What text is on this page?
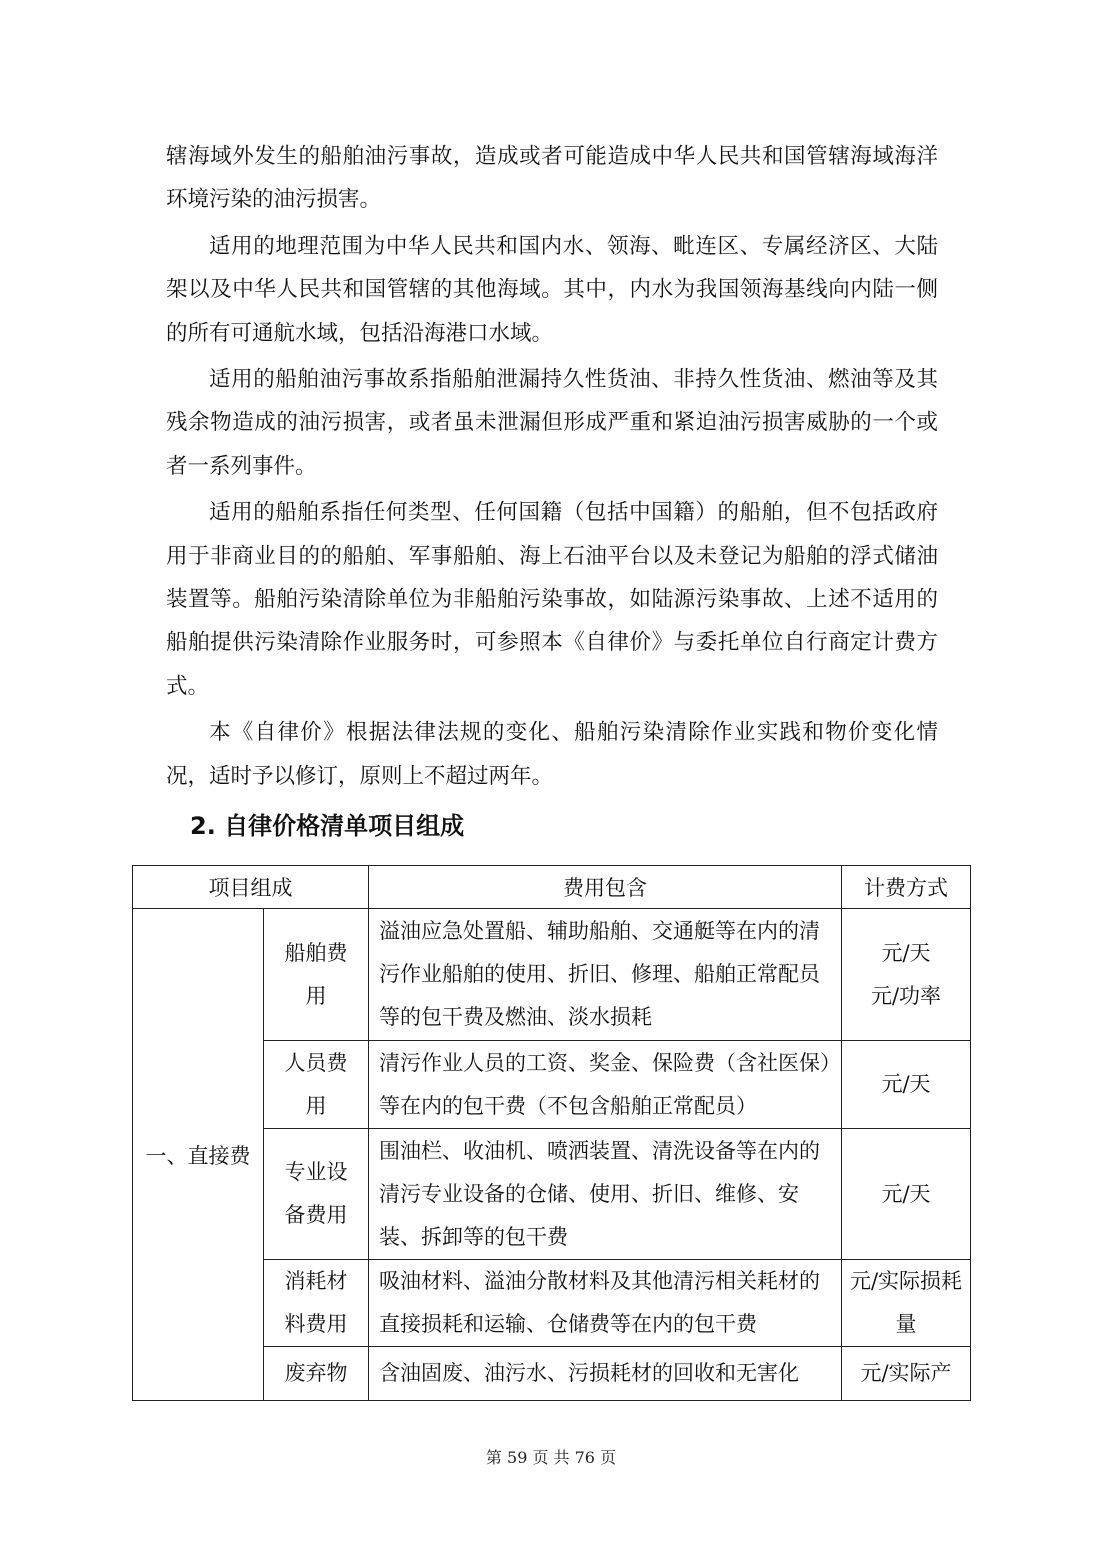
辖海域外发生的船舶油污事故，造成或者可能造成中华人民共和国管辖海域海洋环境污染的油污损害。

适用的地理范围为中华人民共和国内水、领海、毗连区、专属经济区、大陆架以及中华人民共和国管辖的其他海域。其中，内水为我国领海基线向内陆一侧的所有可通航水域，包括沿海港口水域。

适用的船舶油污事故系指船舶泄漏持久性货油、非持久性货油、燃油等及其残余物造成的油污损害，或者虽未泄漏但形成严重和紧迫油污损害威胁的一个或者一系列事件。

适用的船舶系指任何类型、任何国籍（包括中国籍）的船舶，但不包括政府用于非商业目的的船舶、军事船舶、海上石油平台以及未登记为船舶的浮式储油装置等。船舶污染清除单位为非船舶污染事故，如陆源污染事故、上述不适用的船舶提供污染清除作业服务时，可参照本《自律价》与委托单位自行商定计费方式。

本《自律价》根据法律法规的变化、船舶污染清除作业实践和物价变化情况，适时予以修订，原则上不超过两年。

2. 自律价格清单项目组成
项目组成		费用包含	计费方式
一、直接费	船舶费用	溢油应急处置船、辅助船舶、交通艇等在内的清污作业船舶的使用、折旧、修理、船舶正常配员等的包干费及燃油、淡水损耗	元/天
元/功率
	人员费用	清污作业人员的工资、奖金、保险费（含社医保）等在内的包干费（不包含船舶正常配员）	元/天
	专业设备费用	围油栏、收油机、喷洒装置、清洗设备等在内的清污专业设备的仓储、使用、折旧、维修、安装、拆卸等的包干费	元/天
	消耗材料费用	吸油材料、溢油分散材料及其他清污相关耗材的直接损耗和运输、仓储费等在内的包干费	元/实际损耗量
	废弃物	含油固废、油污水、污损耗材的回收和无害化	元/实际产
第 59 页 共 76 页
